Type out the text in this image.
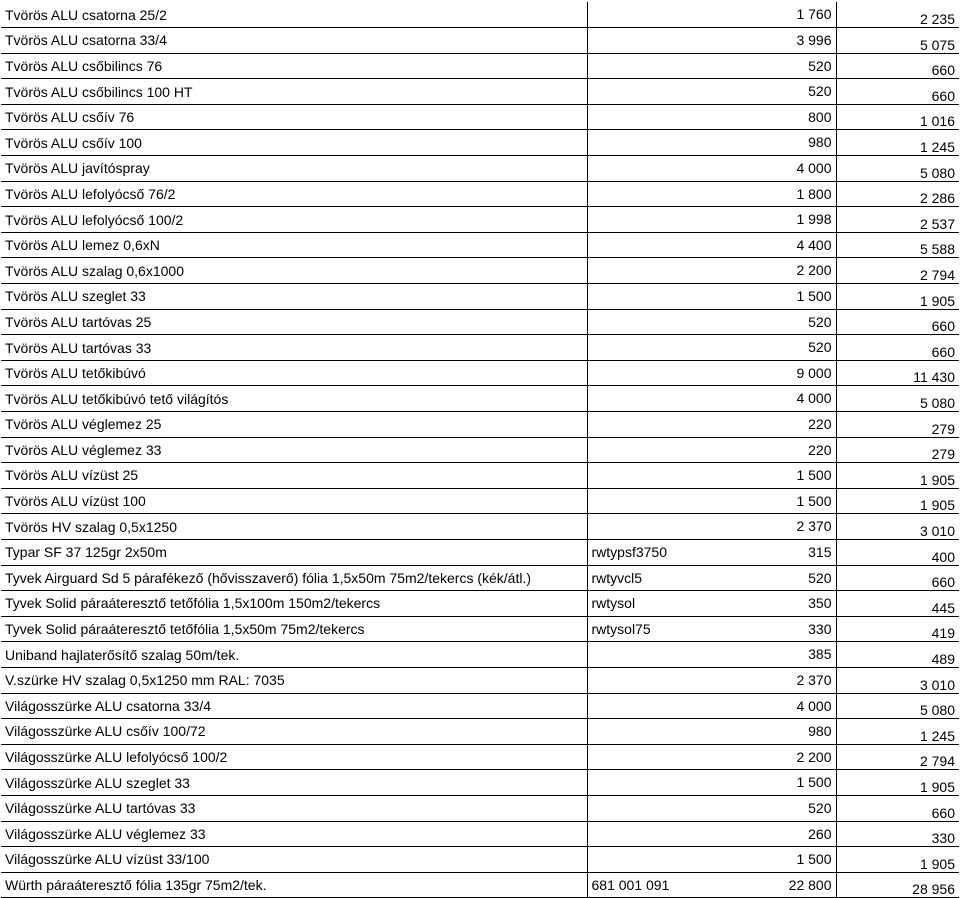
Tvörös ALU csatorna 25/2		1 760	2 235
Tvörös ALU csatorna 33/4		3 996	5 075
Tvörös ALU csőbilincs 76		520	660
Tvörös ALU csőbilincs 100 HT		520	660
Tvörös ALU csőív 76		800	1 016
Tvörös ALU csőív 100		980	1 245
Tvörös ALU javítóspray		4 000	5 080
Tvörös ALU lefolyócső 76/2		1 800	2 286
Tvörös ALU lefolyócső 100/2		1 998	2 537
Tvörös ALU lemez 0,6xN		4 400	5 588
Tvörös ALU szalag 0,6x1000		2 200	2 794
Tvörös ALU szeglet 33		1 500	1 905
Tvörös ALU tartóvas 25		520	660
Tvörös ALU tartóvas 33		520	660
Tvörös ALU tetőkibúvó		9 000	11 430
Tvörös ALU tetőkibúvó tető világítós		4 000	5 080
Tvörös ALU véglemez 25		220	279
Tvörös ALU véglemez 33		220	279
Tvörös ALU vízüst 25		1 500	1 905
Tvörös ALU vízüst 100		1 500	1 905
Tvörös HV szalag 0,5x1250		2 370	3 010
Typar SF 37 125gr 2x50m	rwtypsf3750	315	400
Tyvek Airguard Sd 5 párafékező (hővisszaverő) fólia 1,5x50m 75m2/tekercs (kék/átl.)	rwtyvcl5	520	660
Tyvek Solid páraáteresztő tetőfólia 1,5x100m 150m2/tekercs	rwtysol	350	445
Tyvek Solid páraáteresztő tetőfólia 1,5x50m 75m2/tekercs	rwtysol75	330	419
Uniband hajlaterősítő szalag 50m/tek.		385	489
V.szürke HV szalag 0,5x1250 mm RAL: 7035		2 370	3 010
Világosszürke ALU csatorna 33/4		4 000	5 080
Világosszürke ALU csőív 100/72		980	1 245
Világosszürke ALU lefolyócső 100/2		2 200	2 794
Világosszürke ALU szeglet 33		1 500	1 905
Világosszürke ALU tartóvas 33		520	660
Világosszürke ALU véglemez 33		260	330
Világosszürke ALU vízüst 33/100		1 500	1 905
Würth páraáteresztő fólia 135gr 75m2/tek.	681 001 091	22 800	28 956
